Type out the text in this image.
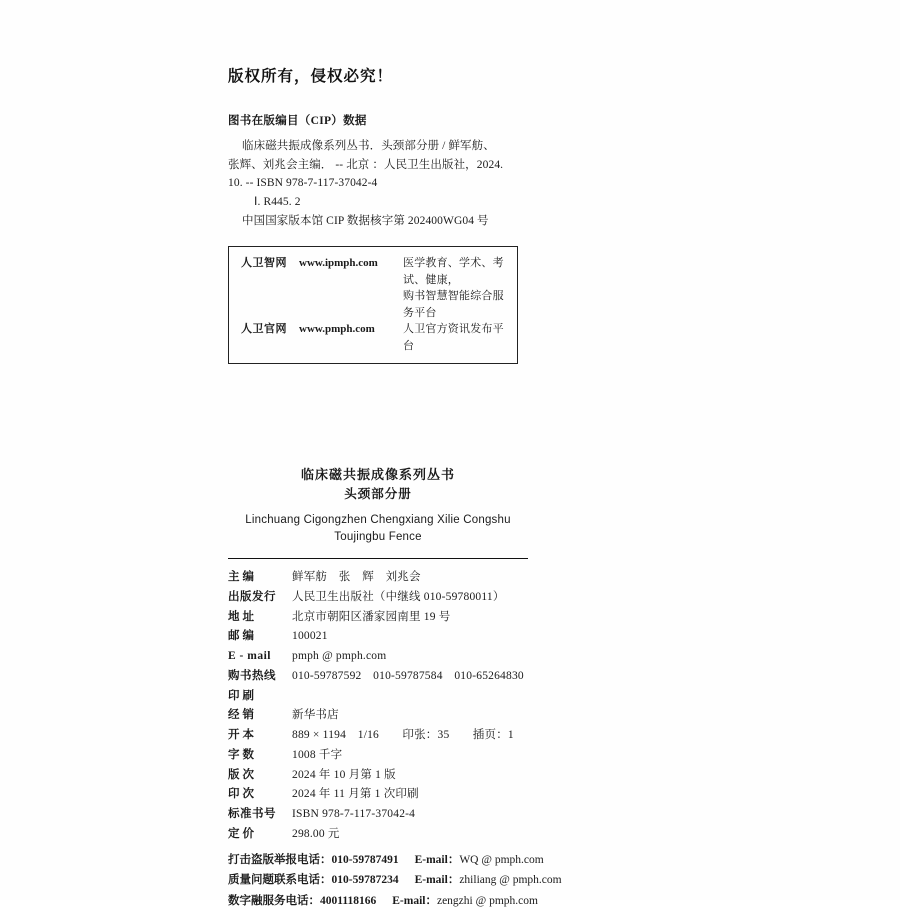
版权所有，侵权必究！
图书在版编目（CIP）数据
临床磁共振成像系列丛书．头颈部分册 / 鲜军舫、
张辉、刘兆会主编． -- 北京 ：人民卫生出版社，2024.
10. -- ISBN 978-7-117-37042-4
Ⅰ. R445. 2
中国国家版本馆 CIP 数据核字第 202400WG04 号
人卫智网	www.ipmph.com	医学教育、学术、考试、健康，
购书智慧智能综合服务平台
人卫官网	www.pmph.com	人卫官方资讯发布平台
临床磁共振成像系列丛书
头颈部分册
Linchuang Cigongzhen Chengxiang Xilie Congshu
Toujingbu Fence
主编	鲜军舫　张　辉　刘兆会
出版发行	人民卫生出版社（中继线 010-59780011）
地址	北京市朝阳区潘家园南里 19 号
邮编	100021
E - mail	pmph @ pmph.com
购书热线	010-59787592　010-59787584　010-65264830
印刷
经销	新华书店
开本	889 × 1194　1/16　　印张：35　　插页：1
字数	1008 千字
版次	2024 年 10 月第 1 版
印次	2024 年 11 月第 1 次印刷
标准书号	ISBN 978-7-117-37042-4
定价	298.00 元
打击盗版举报电话：010-59787491 E-mail：WQ @ pmph.com
质量问题联系电话：010-59787234 E-mail：zhiliang @ pmph.com
数字融服务电话：4001118166 E-mail：zengzhi @ pmph.com
